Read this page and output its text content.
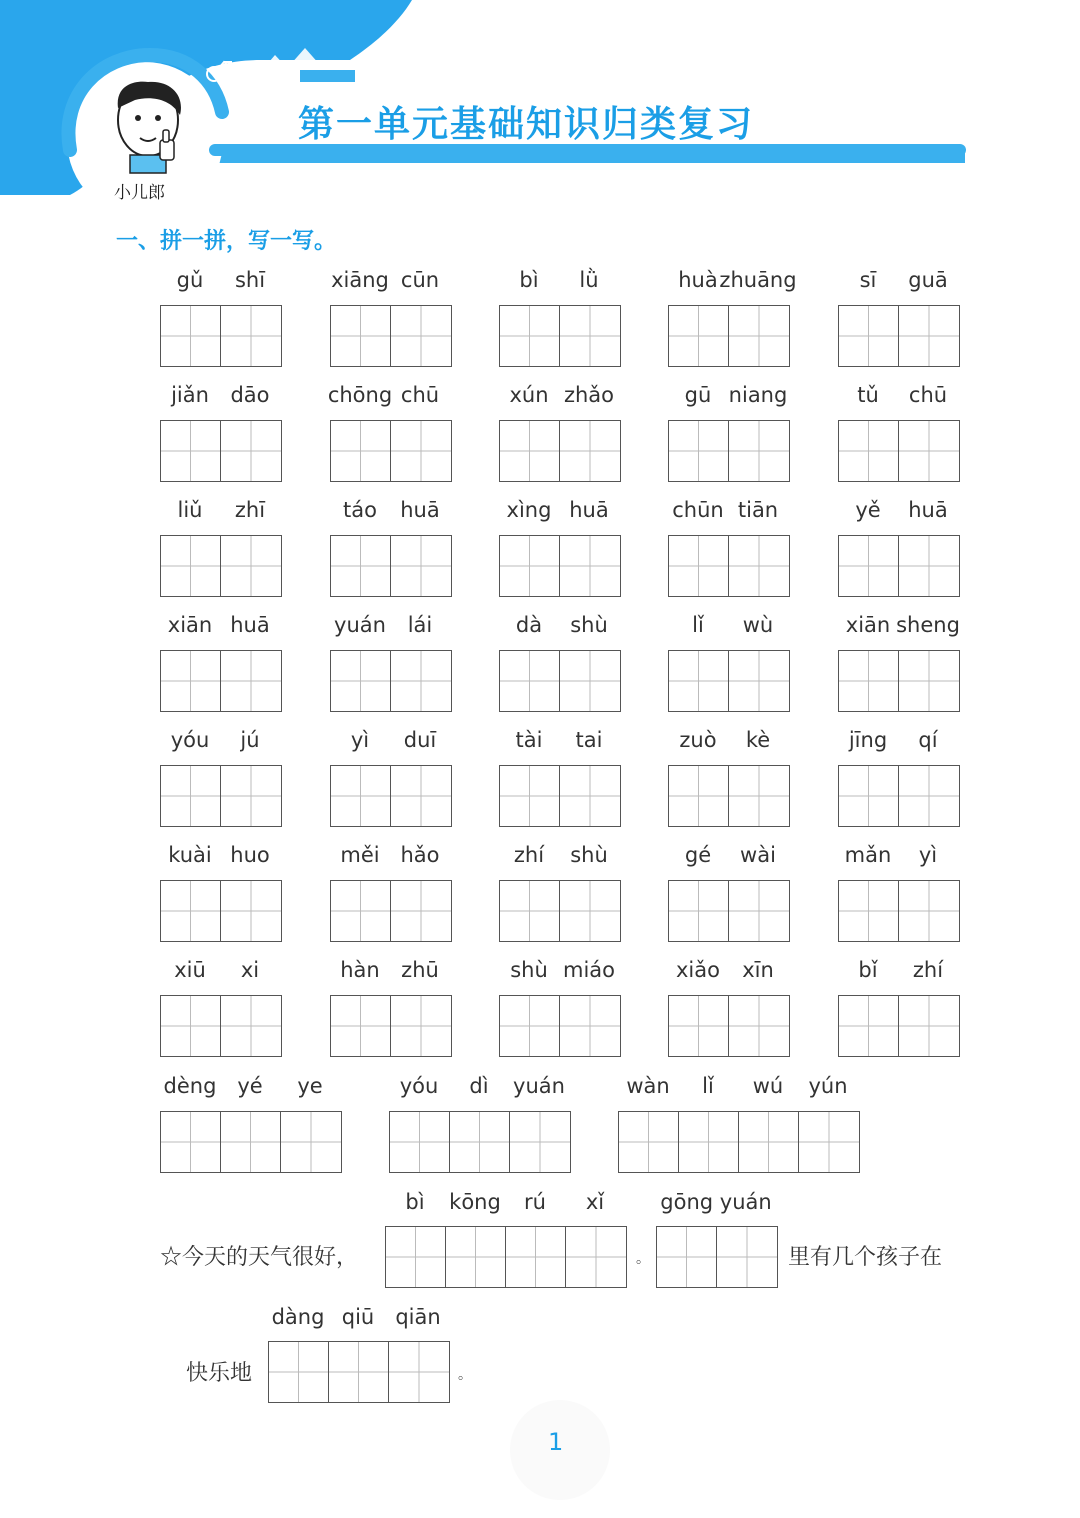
小儿郎
第一单元基础知识归类复习
一、拼一拼，写一写。
gǔ shī	xiāng cūn	bì lǜ	huà zhuāng	sī guā
jiǎn dāo	chōng chū	xún zhǎo	gū niang	tǔ chū
liǔ zhī	táo huā	xìng huā	chūn tiān	yě huā
xiān huā	yuán lái	dà shù	lǐ wù	xiān sheng
yóu jú	yì duī	tài tai	zuò kè	jīng qí
kuài huo	měi hǎo	zhí shù	gé wài	mǎn yì
xiū xi	hàn zhū	shù miáo	xiǎo xīn	bǐ zhí
dèng yé ye	yóu dì yuán	wàn lǐ wú yún
☆今天的天气很好，	。	里有几个孩子在
gōng yuán
快乐地	。
bì kōng rú xǐ
dàng qiū qiān
1
